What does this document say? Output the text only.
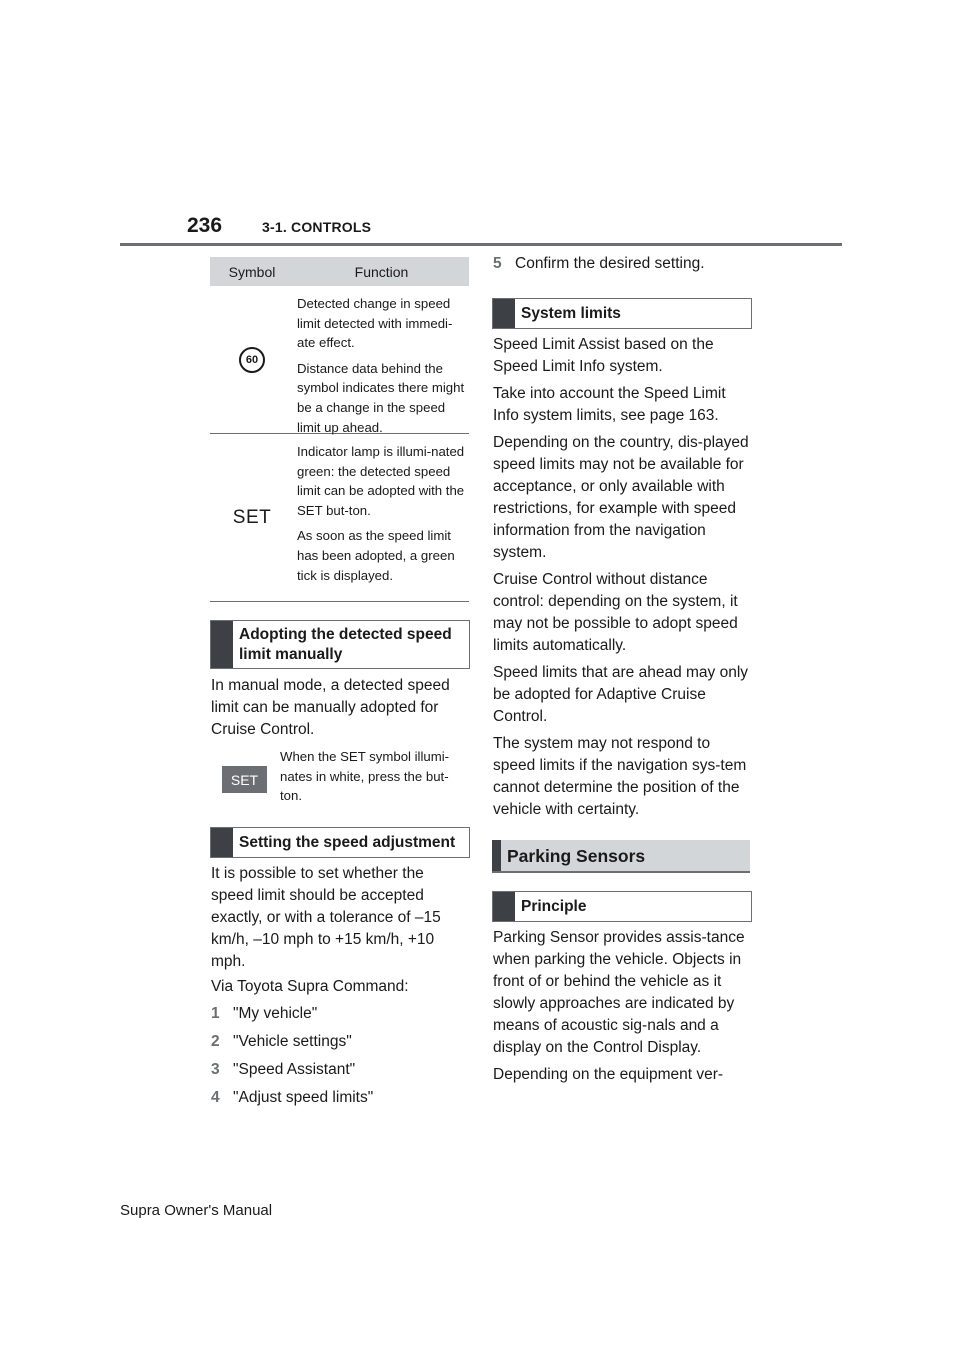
236	3-1. CONTROLS
Symbol	Function
60

Detected change in speed limit detected with immedi-ate effect.

Distance data behind the symbol indicates there might be a change in the speed limit up ahead.

SET

Indicator lamp is illumi-nated green: the detected speed limit can be adopted with the SET but-ton.

As soon as the speed limit has been adopted, a green tick is displayed.

Adopting the detected speed limit manually

In manual mode, a detected speed limit can be manually adopted for Cruise Control.

SET
When the SET symbol illumi-nates in white, press the but-ton.
Setting the speed adjustment

It is possible to set whether the speed limit should be accepted exactly, or with a tolerance of –15 km/h, –10 mph to +15 km/h, +10 mph.

Via Toyota Supra Command:

1 "My vehicle"
2 "Vehicle settings"
3 "Speed Assistant"
4 "Adjust speed limits"
5 Confirm the desired setting.
System limits

Speed Limit Assist based on the Speed Limit Info system.

Take into account the Speed Limit Info system limits, see page 163.

Depending on the country, dis-played speed limits may not be available for acceptance, or only available with restrictions, for example with speed information from the navigation system.

Cruise Control without distance control: depending on the system, it may not be possible to adopt speed limits automatically.

Speed limits that are ahead may only be adopted for Adaptive Cruise Control.

The system may not respond to speed limits if the navigation sys-tem cannot determine the position of the vehicle with certainty.

Parking Sensors
Principle

Parking Sensor provides assis-tance when parking the vehicle. Objects in front of or behind the vehicle as it slowly approaches are indicated by means of acoustic sig-nals and a display on the Control Display.

Depending on the equipment ver-

Supra Owner's Manual
